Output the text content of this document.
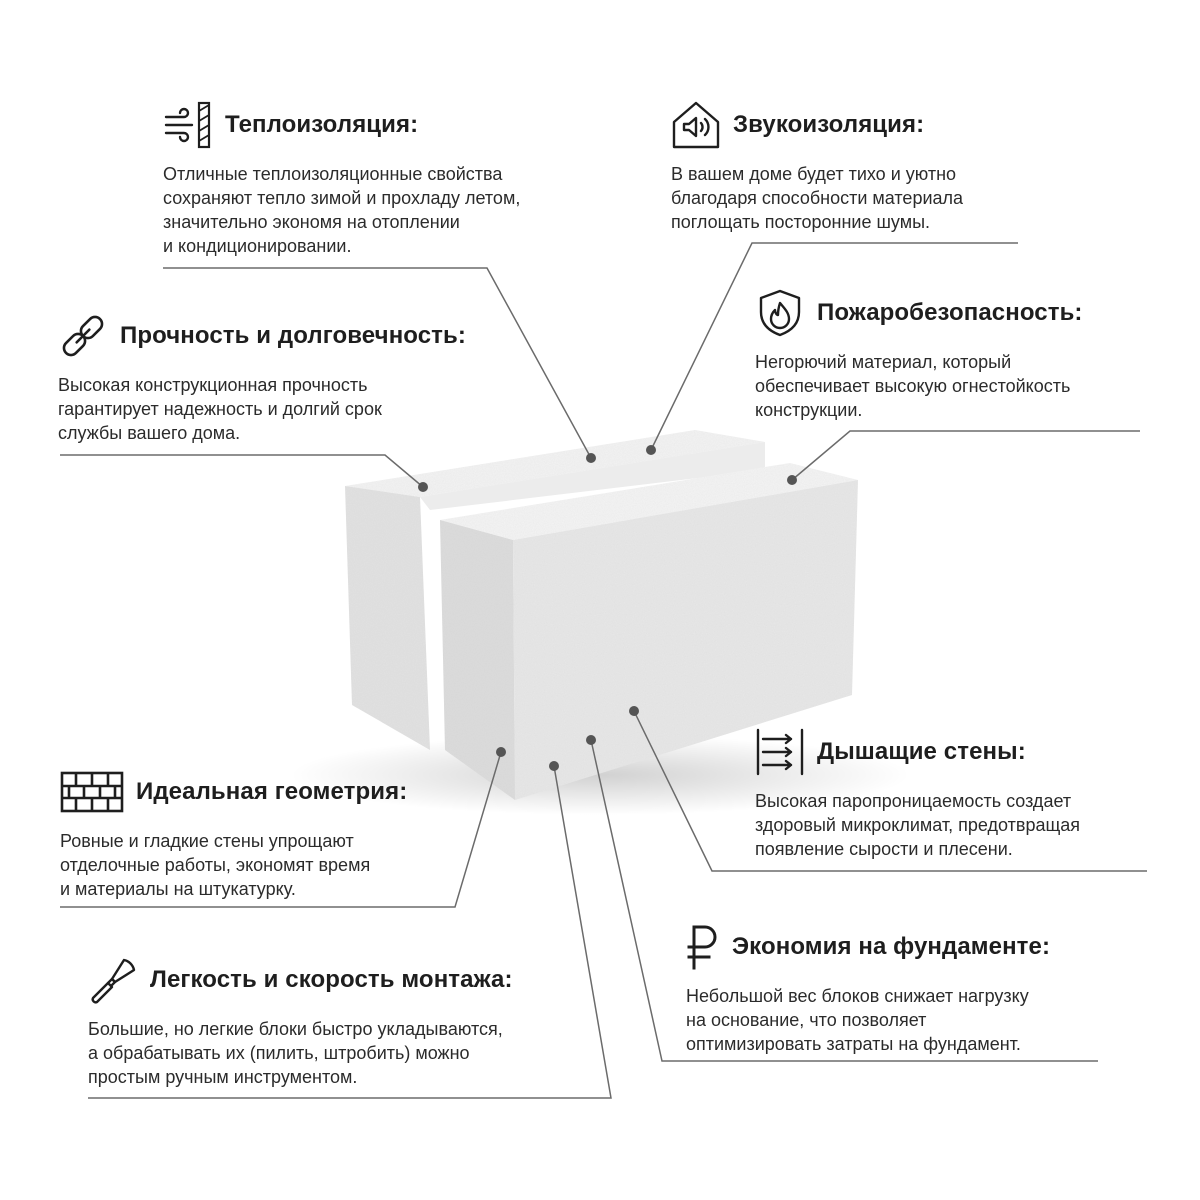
Теплоизоляция:
Отличные теплоизоляционные свойства
сохраняют тепло зимой и прохладу летом,
значительно экономя на отоплении
и кондиционировании.
Звукоизоляция:
В вашем доме будет тихо и уютно
благодаря способности материала
поглощать посторонние шумы.
Прочность и долговечность:
Высокая конструкционная прочность
гарантирует надежность и долгий срок
службы вашего дома.
Пожаробезопасность:
Негорючий материал, который
обеспечивает высокую огнестойкость
конструкции.
Дышащие стены:
Высокая паропроницаемость создает
здоровый микроклимат, предотвращая
появление сырости и плесени.
Идеальная геометрия:
Ровные и гладкие стены упрощают
отделочные работы, экономят время
и материалы на штукатурку.
Экономия на фундаменте:
Небольшой вес блоков снижает нагрузку
на основание, что позволяет
оптимизировать затраты на фундамент.
Легкость и скорость монтажа:
Большие, но легкие блоки быстро укладываются,
а обрабатывать их (пилить, штробить) можно
простым ручным инструментом.
